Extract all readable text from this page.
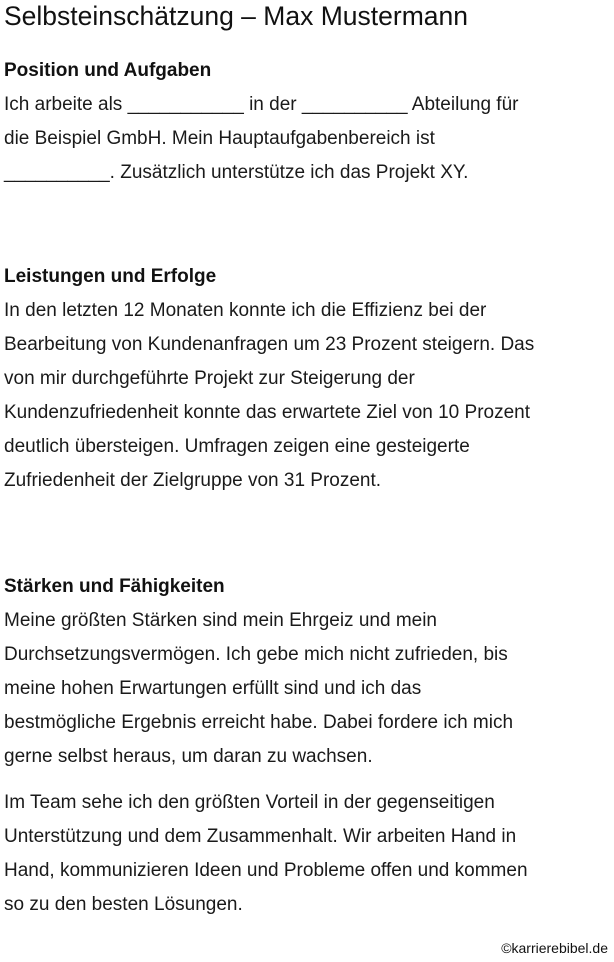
Selbsteinschätzung – Max Mustermann
Position und Aufgaben

Ich arbeite als ___________ in der __________ Abteilung für
die Beispiel GmbH. Mein Hauptaufgabenbereich ist
__________. Zusätzlich unterstütze ich das Projekt XY.

Leistungen und Erfolge

In den letzten 12 Monaten konnte ich die Effizienz bei der
Bearbeitung von Kundenanfragen um 23 Prozent steigern. Das
von mir durchgeführte Projekt zur Steigerung der
Kundenzufriedenheit konnte das erwartete Ziel von 10 Prozent
deutlich übersteigen. Umfragen zeigen eine gesteigerte
Zufriedenheit der Zielgruppe von 31 Prozent.

Stärken und Fähigkeiten

Meine größten Stärken sind mein Ehrgeiz und mein
Durchsetzungsvermögen. Ich gebe mich nicht zufrieden, bis
meine hohen Erwartungen erfüllt sind und ich das
bestmögliche Ergebnis erreicht habe. Dabei fordere ich mich
gerne selbst heraus, um daran zu wachsen.

Im Team sehe ich den größten Vorteil in der gegenseitigen
Unterstützung und dem Zusammenhalt. Wir arbeiten Hand in
Hand, kommunizieren Ideen und Probleme offen und kommen
so zu den besten Lösungen.

©karrierebibel.de
